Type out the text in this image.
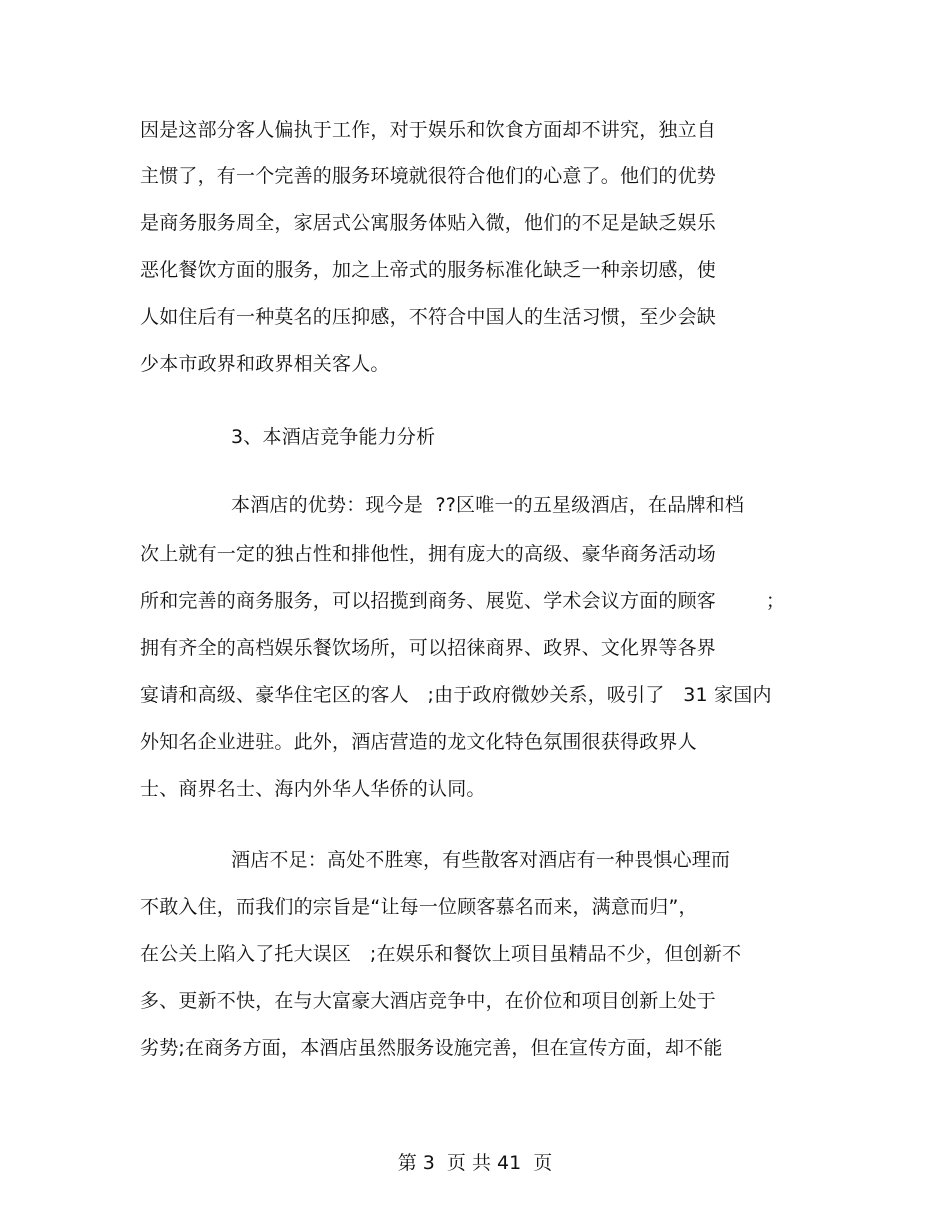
因是这部分客人偏执于工作，对于娱乐和饮食方面却不讲究，独立自
主惯了，有一个完善的服务环境就很符合他们的心意了。他们的优势
是商务服务周全，家居式公寓服务体贴入微，他们的不足是缺乏娱乐
恶化餐饮方面的服务，加之上帝式的服务标准化缺乏一种亲切感，使
人如住后有一种莫名的压抑感，不符合中国人的生活习惯，至少会缺
少本市政界和政界相关客人。
3、本酒店竞争能力分析
本酒店的优势：现今是  ??区唯一的五星级酒店，在品牌和档
次上就有一定的独占性和排他性，拥有庞大的高级、豪华商务活动场
所和完善的商务服务，可以招揽到商务、展览、学术会议方面的顾客        ；
拥有齐全的高档娱乐餐饮场所，可以招徕商界、政界、文化界等各界
宴请和高级、豪华住宅区的客人   ;由于政府微妙关系，吸引了   31 家国内
外知名企业进驻。此外，酒店营造的龙文化特色氛围很获得政界人
士、商界名士、海内外华人华侨的认同。
酒店不足：高处不胜寒，有些散客对酒店有一种畏惧心理而
不敢入住，而我们的宗旨是“让每一位顾客慕名而来，满意而归”，
在公关上陷入了托大误区   ;在娱乐和餐饮上项目虽精品不少，但创新不
多、更新不快，在与大富豪大酒店竞争中，在价位和项目创新上处于
劣势;在商务方面，本酒店虽然服务设施完善，但在宣传方面，却不能
第 3  页 共 41  页
